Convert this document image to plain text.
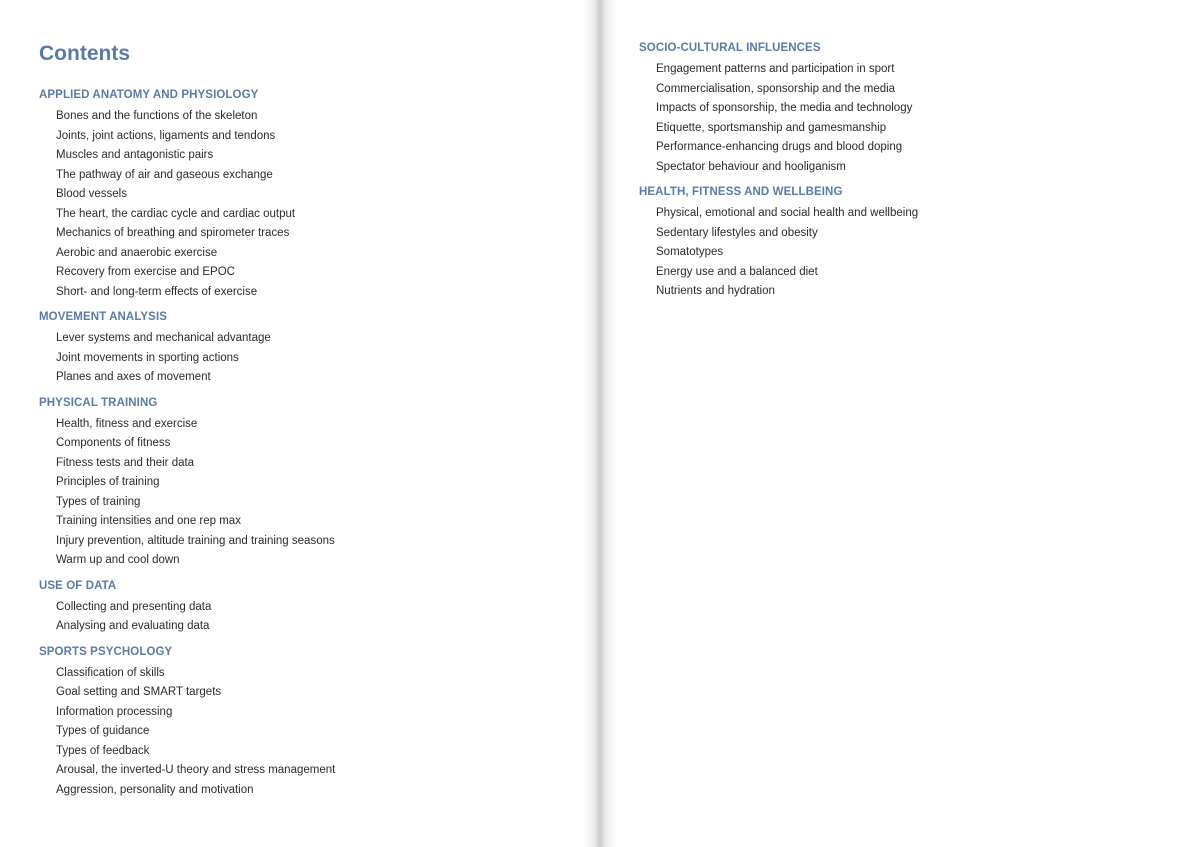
Contents
APPLIED ANATOMY AND PHYSIOLOGY
Bones and the functions of the skeleton
Joints, joint actions, ligaments and tendons
Muscles and antagonistic pairs
The pathway of air and gaseous exchange
Blood vessels
The heart, the cardiac cycle and cardiac output
Mechanics of breathing and spirometer traces
Aerobic and anaerobic exercise
Recovery from exercise and EPOC
Short- and long-term effects of exercise
MOVEMENT ANALYSIS
Lever systems and mechanical advantage
Joint movements in sporting actions
Planes and axes of movement
PHYSICAL TRAINING
Health, fitness and exercise
Components of fitness
Fitness tests and their data
Principles of training
Types of training
Training intensities and one rep max
Injury prevention, altitude training and training seasons
Warm up and cool down
USE OF DATA
Collecting and presenting data
Analysing and evaluating data
SPORTS PSYCHOLOGY
Classification of skills
Goal setting and SMART targets
Information processing
Types of guidance
Types of feedback
Arousal, the inverted-U theory and stress management
Aggression, personality and motivation
SOCIO-CULTURAL INFLUENCES
Engagement patterns and participation in sport
Commercialisation, sponsorship and the media
Impacts of sponsorship, the media and technology
Etiquette, sportsmanship and gamesmanship
Performance-enhancing drugs and blood doping
Spectator behaviour and hooliganism
HEALTH, FITNESS AND WELLBEING
Physical, emotional and social health and wellbeing
Sedentary lifestyles and obesity
Somatotypes
Energy use and a balanced diet
Nutrients and hydration
